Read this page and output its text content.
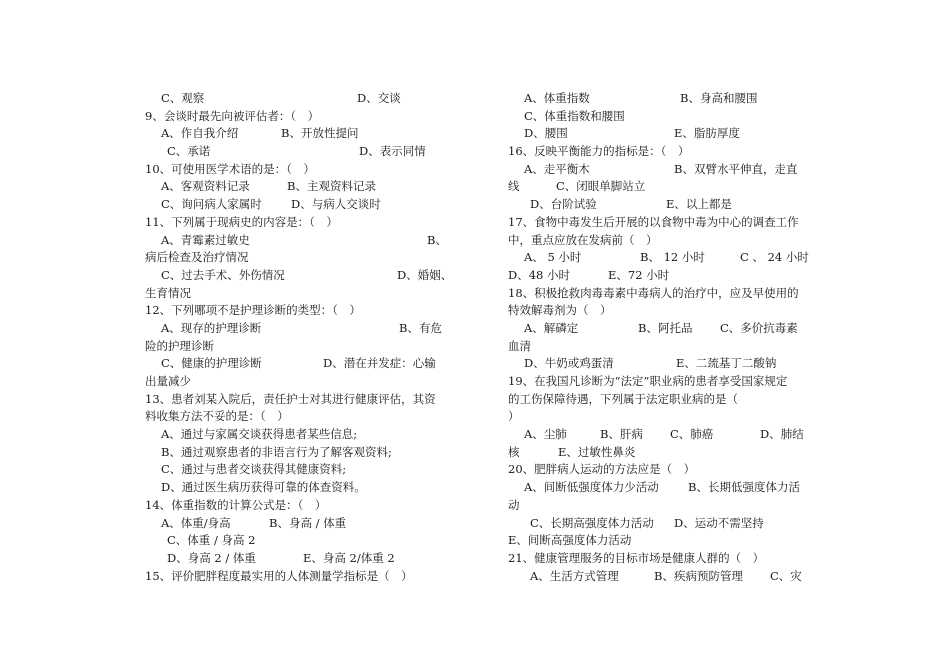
C、观察	D、交谈
9、会谈时最先向被评估者：（　）
A、作自我介绍	B、开放性提问
C、承诺	D、表示同情
10、可使用医学术语的是：（　）
A、客观资料记录	B、主观资料记录
C、询问病人家属时	D、与病人交谈时
11、下列属于现病史的内容是：（　）
A、青霉素过敏史	B、
病后检查及治疗情况
C、过去手术、外伤情况	D、婚姻、
生育情况
12、下列哪项不是护理诊断的类型：（　）
A、现存的护理诊断	B、有危
险的护理诊断
C、健康的护理诊断	D、潜在并发症：心输
出量减少
13、患者刘某入院后，责任护士对其进行健康评估，其资
料收集方法不妥的是：（　）
A、通过与家属交谈获得患者某些信息;
B、通过观察患者的非语言行为了解客观资料;
C、通过与患者交谈获得其健康资料;
D、通过医生病历获得可靠的体查资料。
14、体重指数的计算公式是：（　）
A、体重/身高	B、身高 / 体重
C、体重 / 身高 2
D、身高 2 / 体重	E、身高 2/体重 2
15、评价肥胖程度最实用的人体测量学指标是（　）
A、体重指数	B、身高和腰围
C、体重指数和腰围
D、腰围	E、脂肪厚度
16、反映平衡能力的指标是：（　）
A、走平衡木	B、双臂水平伸直，走直
线	C、闭眼单脚站立
D、台阶试验	E、以上都是
17、食物中毒发生后开展的以食物中毒为中心的调查工作
中，重点应放在发病前（　）
A、 5 小时	B、 12 小时	C 、 24 小时
D、48 小时	E、72 小时
18、积极抢救肉毒毒素中毒病人的治疗中，应及早使用的
特效解毒剂为（　）
A、解磷定	B、阿托品 C、多价抗毒素
血清
D、牛奶或鸡蛋清	E、二巯基丁二酸钠
19、在我国凡诊断为“法定”职业病的患者享受国家规定
的工伤保障待遇，下列属于法定职业病的是（
）
A、尘肺	B、肝病 C、肺癌	D、肺结
核	E、过敏性鼻炎
20、肥胖病人运动的方法应是（　）
A、间断低强度体力少活动	B、长期低强度体力活
动
C、长期高强度体力活动 D、运动不需坚持
E、间断高强度体力活动
21、健康管理服务的目标市场是健康人群的（　）
A、生活方式管理	B、疾病预防管理 C、灾
